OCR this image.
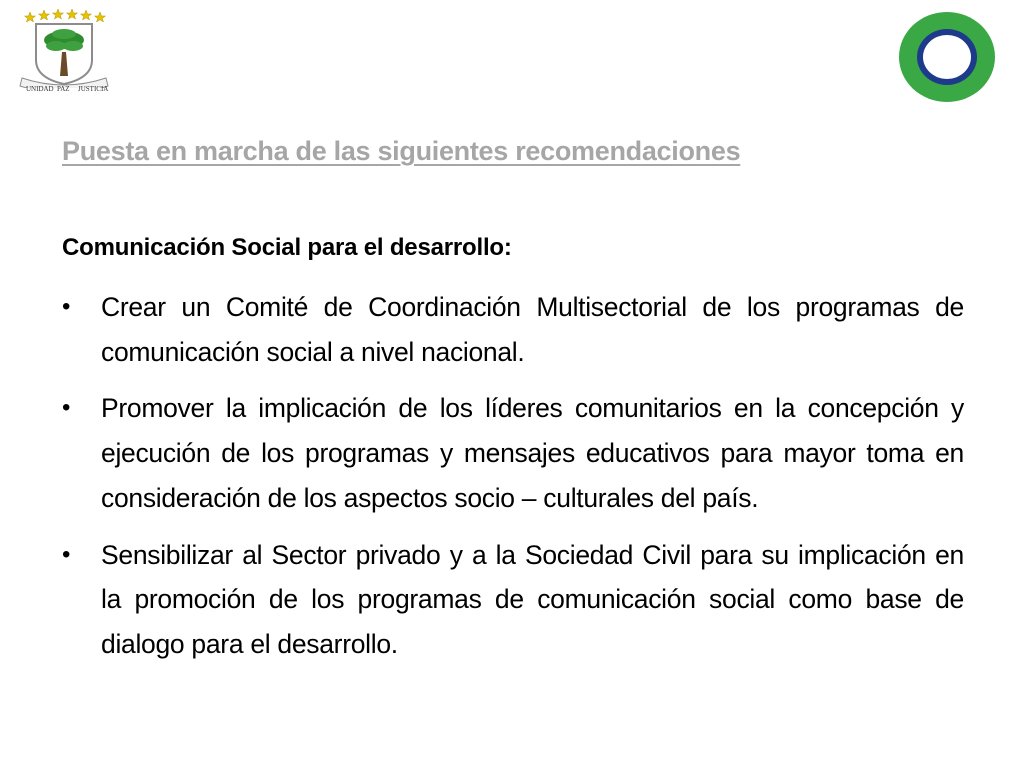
UNIDAD PAZ JUSTICIA
Puesta en marcha de las siguientes recomendaciones
Comunicación Social para el desarrollo:
• Crear un Comité de Coordinación Multisectorial de los programas de comunicación social a nivel nacional.
• Promover la implicación de los líderes comunitarios en la concepción y ejecución de los programas y mensajes educativos para mayor toma en consideración de los aspectos socio – culturales del país.
• Sensibilizar al Sector privado y a la Sociedad Civil para su implicación en la promoción de los programas de comunicación social como base de dialogo para el desarrollo.
